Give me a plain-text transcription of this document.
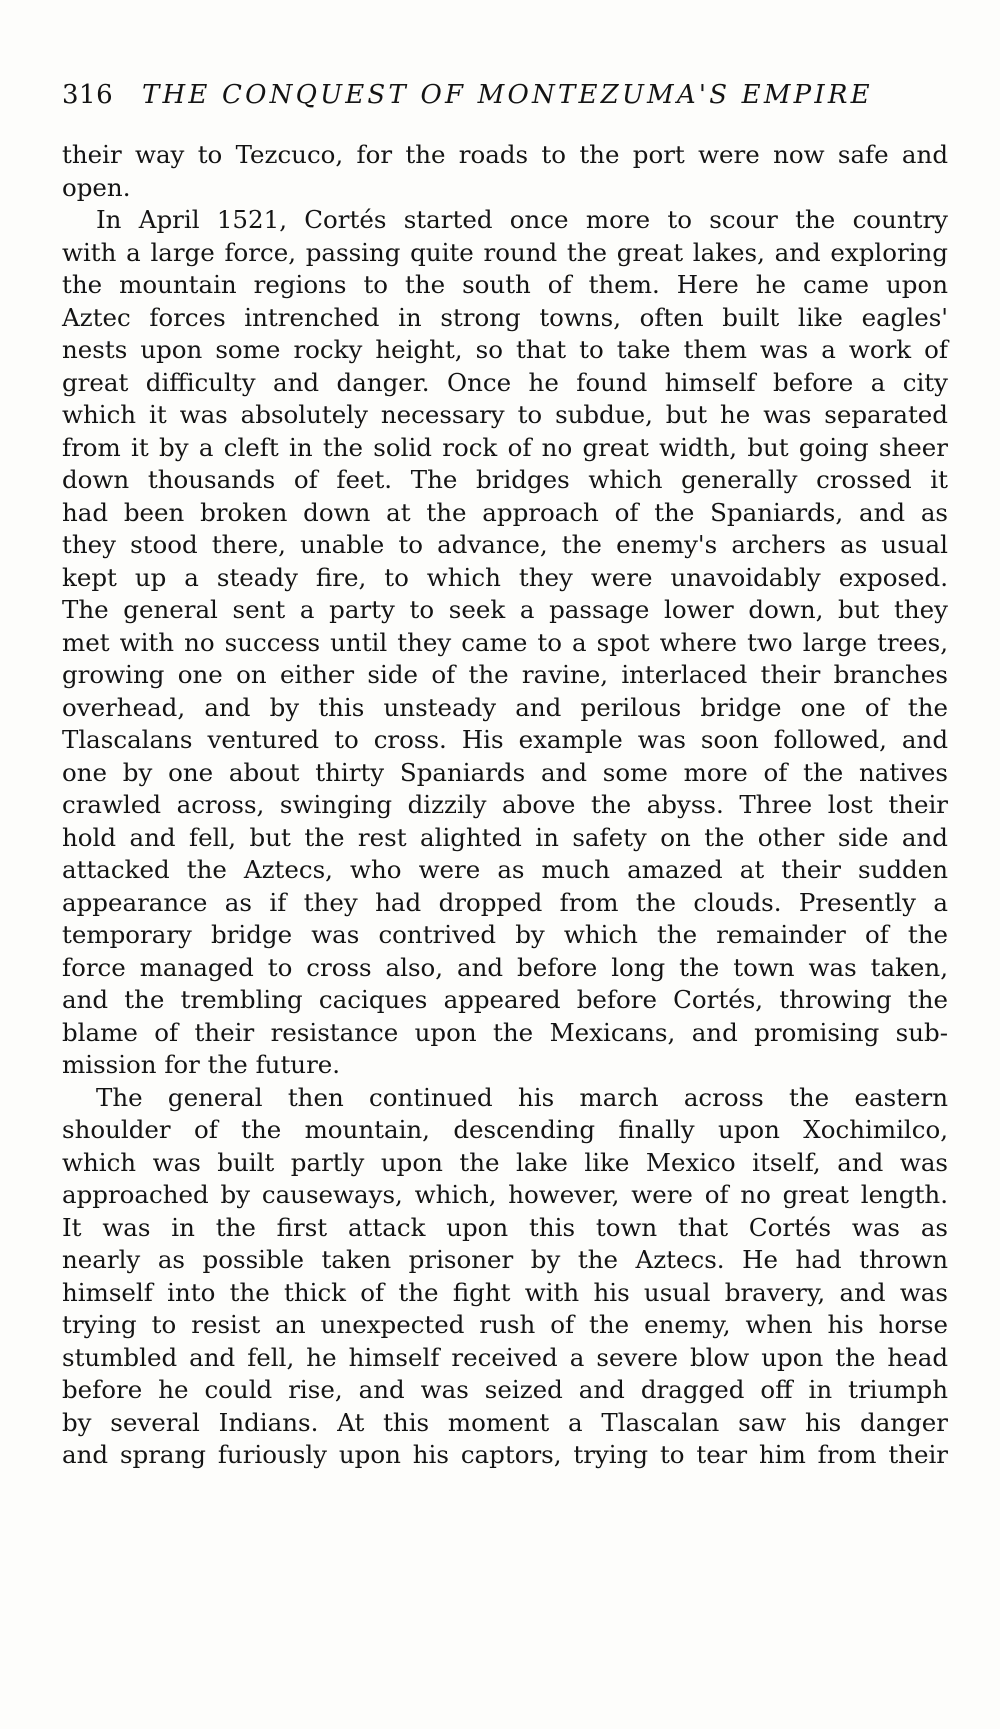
316 THE CONQUEST OF MONTEZUMA'S EMPIRE
their way to Tezcuco, for the roads to the port were now safe and
open.
In April 1521, Cortés started once more to scour the country
with a large force, passing quite round the great lakes, and exploring
the mountain regions to the south of them. Here he came upon
Aztec forces intrenched in strong towns, often built like eagles'
nests upon some rocky height, so that to take them was a work of
great difficulty and danger. Once he found himself before a city
which it was absolutely necessary to subdue, but he was separated
from it by a cleft in the solid rock of no great width, but going sheer
down thousands of feet. The bridges which generally crossed it
had been broken down at the approach of the Spaniards, and as
they stood there, unable to advance, the enemy's archers as usual
kept up a steady fire, to which they were unavoidably exposed.
The general sent a party to seek a passage lower down, but they
met with no success until they came to a spot where two large trees,
growing one on either side of the ravine, interlaced their branches
overhead, and by this unsteady and perilous bridge one of the
Tlascalans ventured to cross. His example was soon followed, and
one by one about thirty Spaniards and some more of the natives
crawled across, swinging dizzily above the abyss. Three lost their
hold and fell, but the rest alighted in safety on the other side and
attacked the Aztecs, who were as much amazed at their sudden
appearance as if they had dropped from the clouds. Presently a
temporary bridge was contrived by which the remainder of the
force managed to cross also, and before long the town was taken,
and the trembling caciques appeared before Cortés, throwing the
blame of their resistance upon the Mexicans, and promising sub-
mission for the future.
The general then continued his march across the eastern
shoulder of the mountain, descending finally upon Xochimilco,
which was built partly upon the lake like Mexico itself, and was
approached by causeways, which, however, were of no great length.
It was in the first attack upon this town that Cortés was as
nearly as possible taken prisoner by the Aztecs. He had thrown
himself into the thick of the fight with his usual bravery, and was
trying to resist an unexpected rush of the enemy, when his horse
stumbled and fell, he himself received a severe blow upon the head
before he could rise, and was seized and dragged off in triumph
by several Indians. At this moment a Tlascalan saw his danger
and sprang furiously upon his captors, trying to tear him from their
